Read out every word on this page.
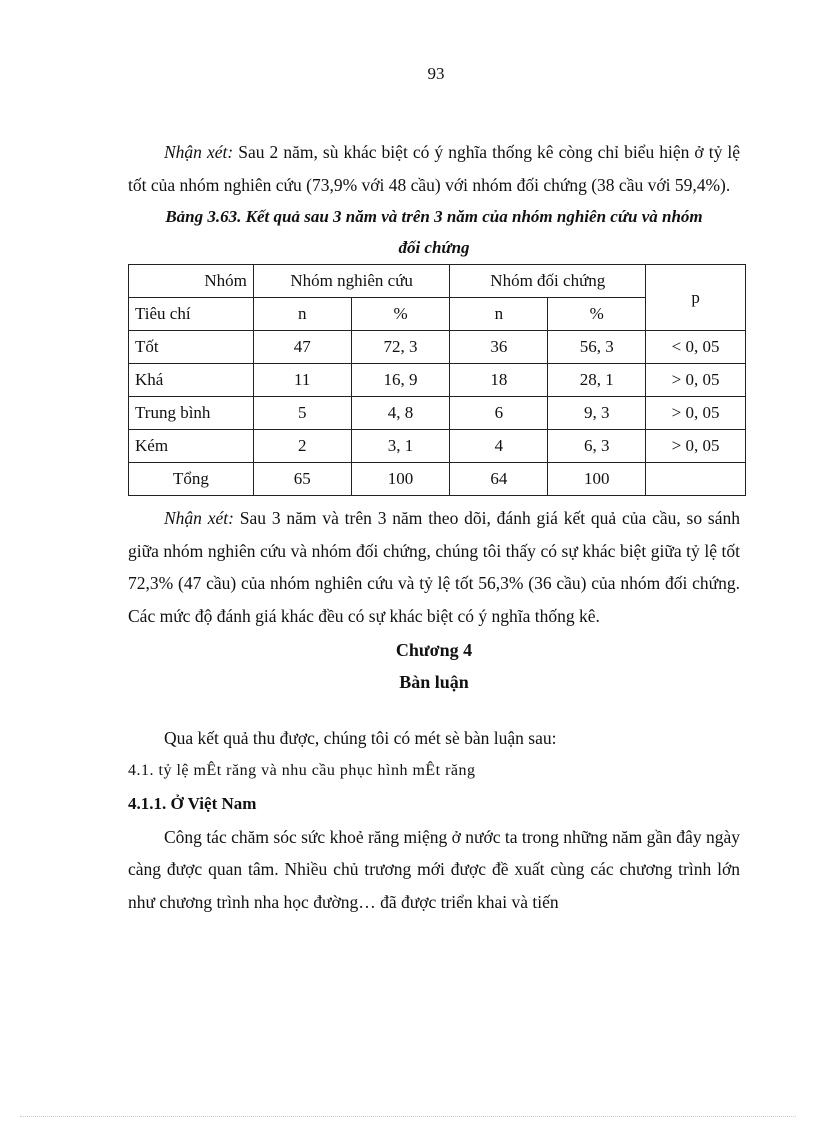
93

Nhận xét: Sau 2 năm, sù khác biệt có ý nghĩa thống kê còng chỉ biểu hiện ở tỷ lệ tốt của nhóm nghiên cứu (73,9% với 48 cầu) với nhóm đối chứng (38 cầu với 59,4%).

Bảng 3.63. Kết quả sau 3 năm và trên 3 năm của nhóm nghiên cứu và nhóm

đối chứng

Nhóm	Nhóm nghiên cứu		Nhóm đối chứng		p
Tiêu chí	n	%	n	%	
Tốt	47	72, 3	36	56, 3	< 0, 05
Khá	11	16, 9	18	28, 1	> 0, 05
Trung bình	5	4, 8	6	9, 3	> 0, 05
Kém	2	3, 1	4	6, 3	> 0, 05
Tổng	65	100	64	100	

Nhận xét: Sau 3 năm và trên 3 năm theo dõi, đánh giá kết quả của cầu, so sánh giữa nhóm nghiên cứu và nhóm đối chứng, chúng tôi thấy có sự khác biệt giữa tỷ lệ tốt 72,3% (47 cầu) của nhóm nghiên cứu và tỷ lệ tốt 56,3% (36 cầu) của nhóm đối chứng. Các mức độ đánh giá khác đều có sự khác biệt có ý nghĩa thống kê.

Chương 4
Bàn luận

Qua kết quả thu được, chúng tôi có mét sè bàn luận sau:

4.1. tỷ lệ mÊt răng và nhu cầu phục hình mÊt răng
4.1.1. Ở Việt Nam

Công tác chăm sóc sức khoẻ răng miệng ở nước ta trong những năm gần đây ngày càng được quan tâm. Nhiều chủ trương mới được đề xuất cùng các chương trình lớn như chương trình nha học đường… đã được triển khai và tiến
